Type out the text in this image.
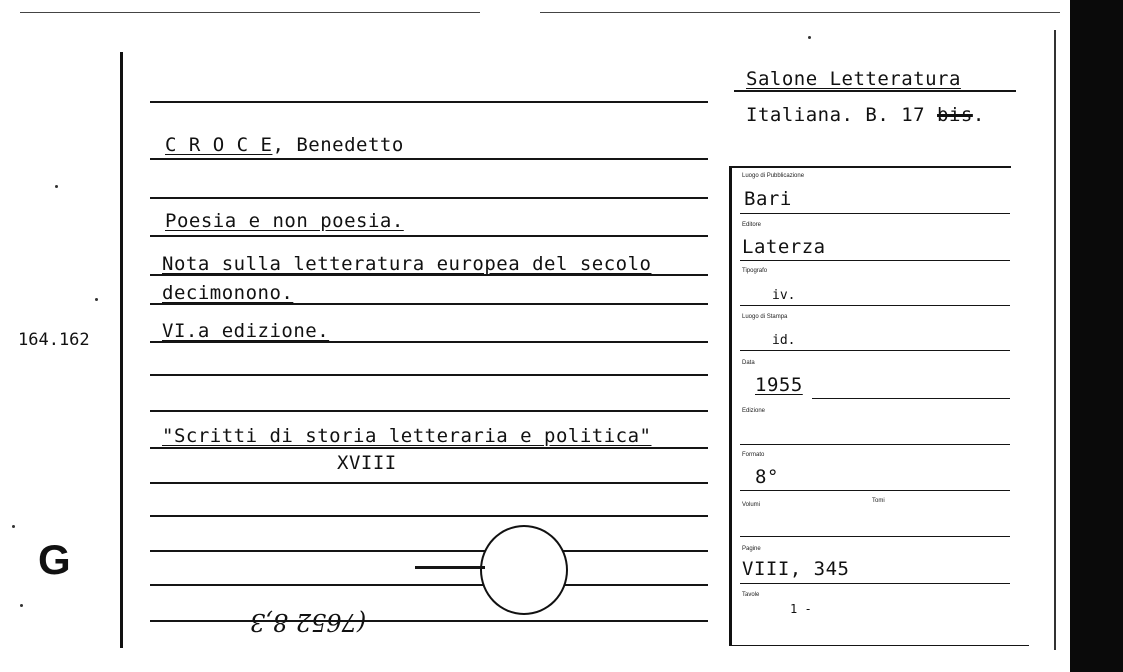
164.162
G
Salone Letteratura
Italiana. B. 17 bis.
C R O C E, Benedetto
Poesia e non poesia.
Nota sulla letteratura europea del secolo
decimonono.
VI.a edizione.
"Scritti di storia letteraria e politica"
XVIII
(7652 8,3
Luogo di Pubblicazione
Bari
Editore
Laterza
Tipografo
iv.
Luogo di Stampa
id.
Data
1955
Edizione
Formato
8°
Volumi
Tomi
Pagine
VIII, 345
Tavole
1 -
